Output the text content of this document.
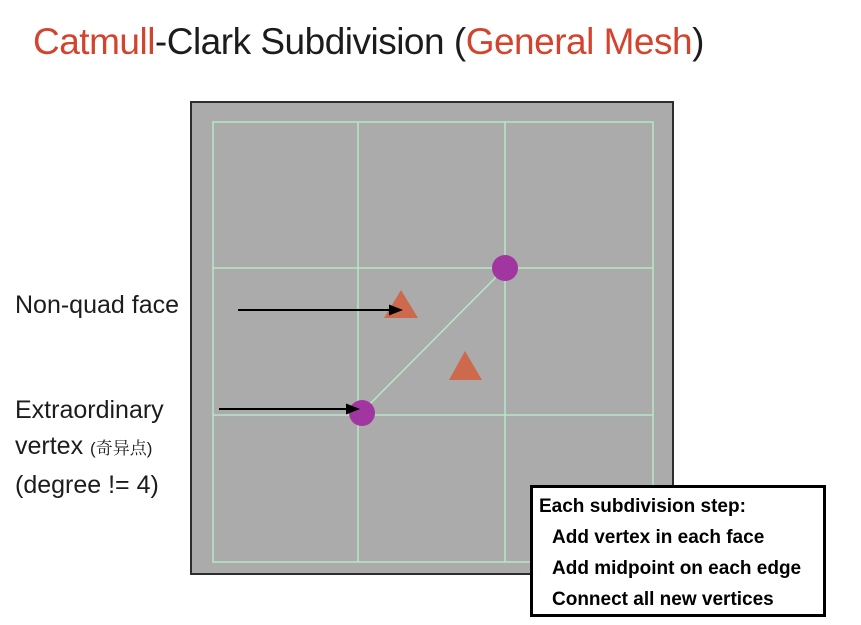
Catmull-Clark Subdivision (General Mesh)
Non-quad face
Extraordinary
vertex (奇异点)
(degree != 4)
Each subdivision step:
Add vertex in each face
Add midpoint on each edge
Connect all new vertices
